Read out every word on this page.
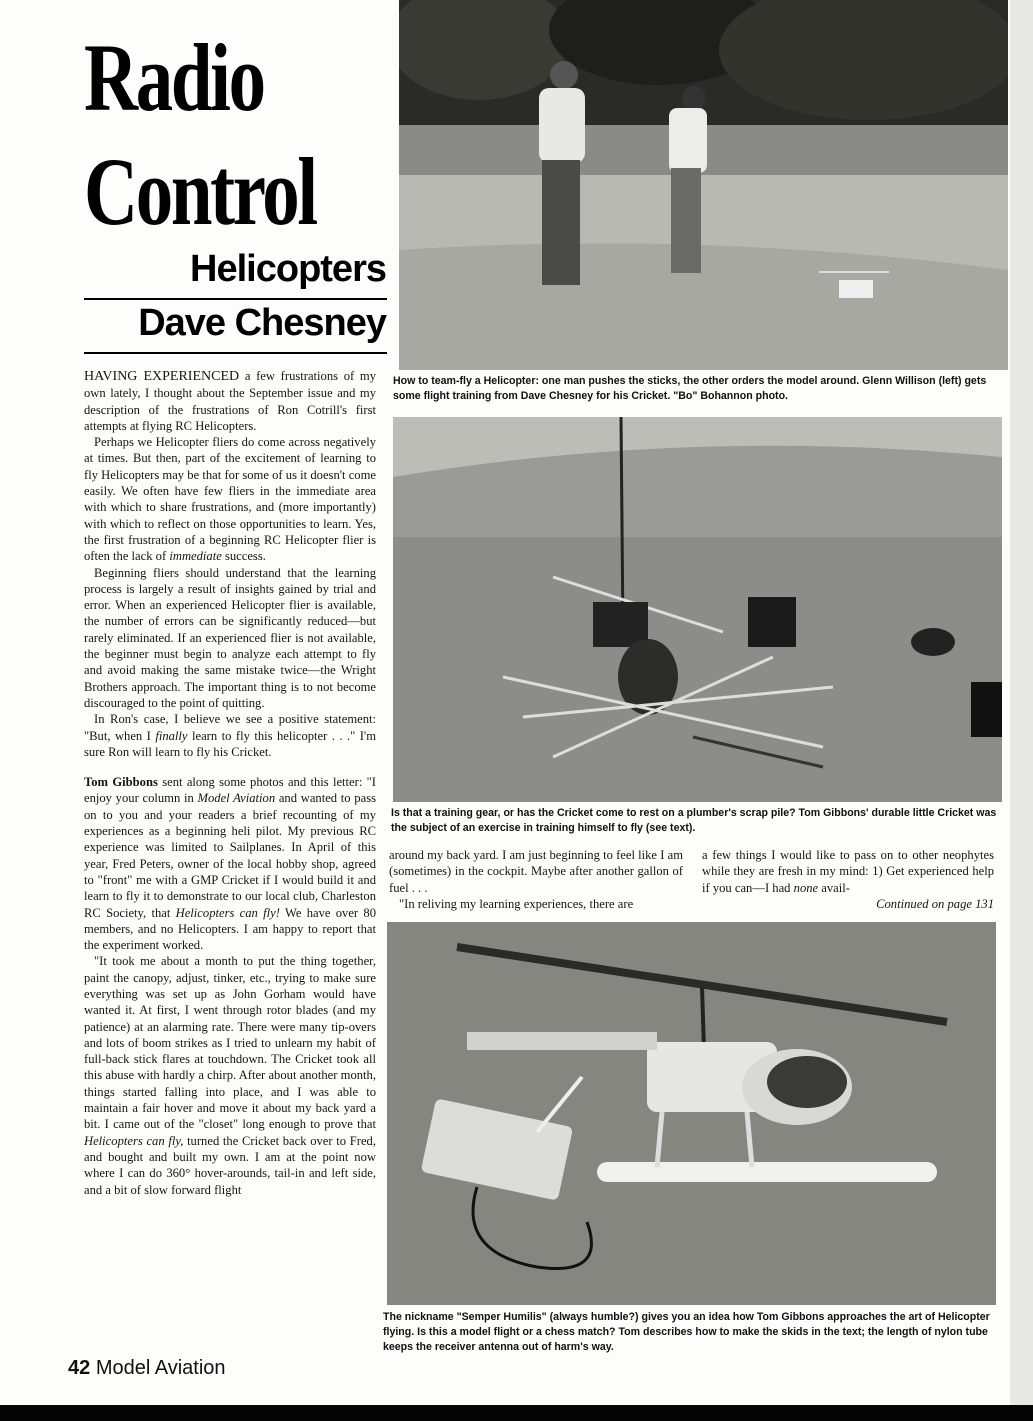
Radio
Control
Helicopters
Dave Chesney

HAVING EXPERIENCED a few frustrations of my own lately, I thought about the September issue and my description of the frustrations of Ron Cotrill's first attempts at flying RC Helicopters.

Perhaps we Helicopter fliers do come across negatively at times. But then, part of the excitement of learning to fly Helicopters may be that for some of us it doesn't come easily. We often have few fliers in the immediate area with which to share frustrations, and (more importantly) with which to reflect on those opportunities to learn. Yes, the first frustration of a beginning RC Helicopter flier is often the lack of immediate success.

Beginning fliers should understand that the learning process is largely a result of insights gained by trial and error. When an experienced Helicopter flier is available, the number of errors can be significantly reduced—but rarely eliminated. If an experienced flier is not available, the beginner must begin to analyze each attempt to fly and avoid making the same mistake twice—the Wright Brothers approach. The important thing is to not become discouraged to the point of quitting.

In Ron's case, I believe we see a positive statement: "But, when I finally learn to fly this helicopter . . ." I'm sure Ron will learn to fly his Cricket.

Tom Gibbons sent along some photos and this letter: "I enjoy your column in Model Aviation and wanted to pass on to you and your readers a brief recounting of my experiences as a beginning heli pilot. My previous RC experience was limited to Sailplanes. In April of this year, Fred Peters, owner of the local hobby shop, agreed to "front" me with a GMP Cricket if I would build it and learn to fly it to demonstrate to our local club, Charleston RC Society, that Helicopters can fly! We have over 80 members, and no Helicopters. I am happy to report that the experiment worked.

"It took me about a month to put the thing together, paint the canopy, adjust, tinker, etc., trying to make sure everything was set up as John Gorham would have wanted it. At first, I went through rotor blades (and my patience) at an alarming rate. There were many tip-overs and lots of boom strikes as I tried to unlearn my habit of full-back stick flares at touchdown. The Cricket took all this abuse with hardly a chirp. After about another month, things started falling into place, and I was able to maintain a fair hover and move it about my back yard a bit. I came out of the "closet" long enough to prove that Helicopters can fly, turned the Cricket back over to Fred, and bought and built my own. I am at the point now where I can do 360° hover-arounds, tail-in and left side, and a bit of slow forward flight

How to team-fly a Helicopter: one man pushes the sticks, the other orders the model around. Glenn Willison (left) gets some flight training from Dave Chesney for his Cricket. "Bo" Bohannon photo.
Is that a training gear, or has the Cricket come to rest on a plumber's scrap pile? Tom Gibbons' durable little Cricket was the subject of an exercise in training himself to fly (see text).

around my back yard. I am just beginning to feel like I am (sometimes) in the cockpit. Maybe after another gallon of fuel . . .

"In reliving my learning experiences, there are

a few things I would like to pass on to other neophytes while they are fresh in my mind: 1) Get experienced help if you can—I had none avail-

Continued on page 131

The nickname "Semper Humilis" (always humble?) gives you an idea how Tom Gibbons approaches the art of Helicopter flying. Is this a model flight or a chess match? Tom describes how to make the skids in the text; the length of nylon tube keeps the receiver antenna out of harm's way.
42 Model Aviation
